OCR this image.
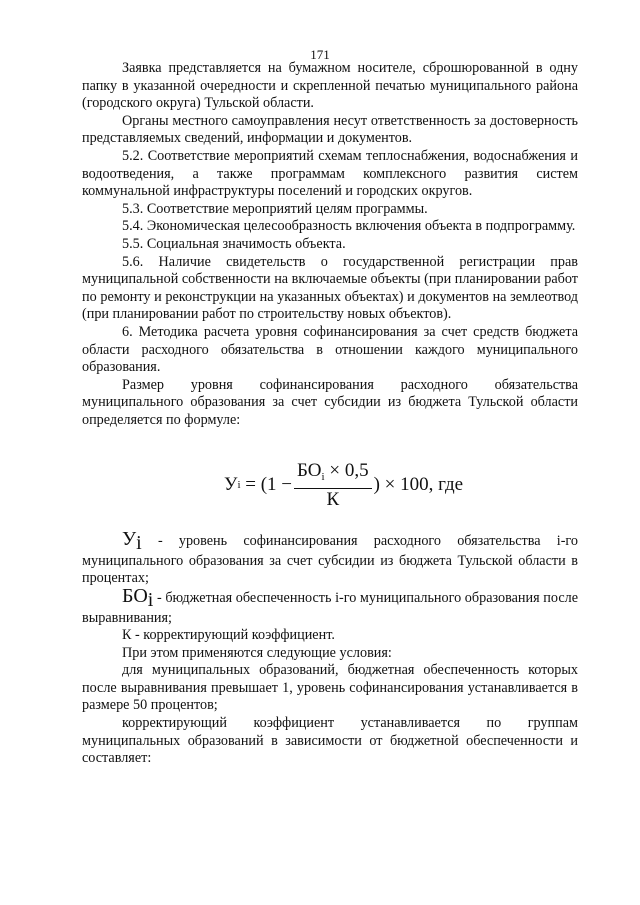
171

Заявка представляется на бумажном носителе, сброшюрованной в одну папку в указанной очередности и скрепленной печатью муниципального района (городского округа) Тульской области.

Органы местного самоуправления несут ответственность за достоверность представляемых сведений, информации и документов.

5.2. Соответствие мероприятий схемам теплоснабжения, водоснабжения и водоотведения, а также программам комплексного развития систем коммунальной инфраструктуры поселений и городских округов.

5.3. Соответствие мероприятий целям программы.

5.4. Экономическая целесообразность включения объекта в подпрограмму.

5.5. Социальная значимость объекта.

5.6. Наличие свидетельств о государственной регистрации прав муниципальной собственности на включаемые объекты (при планировании работ по ремонту и реконструкции на указанных объектах) и документов на землеотвод (при планировании работ по строительству новых объектов).

6. Методика расчета уровня софинансирования за счет средств бюджета области расходного обязательства в отношении каждого муниципального образования.

Размер уровня софинансирования расходного обязательства муниципального образования за счет субсидии из бюджета Тульской области определяется по формуле:

У i
= ($1 - \frac{БО_i \times 0,5}{К}$ ) × 100, где

$У_i$ - уровень софинансирования расходного обязательства i-го муниципального образования за счет субсидии из бюджета Тульской области в процентах;

$БО_i$ - бюджетная обеспеченность i-го муниципального образования после выравнивания;

К - корректирующий коэффициент.

При этом применяются следующие условия:

для муниципальных образований, бюджетная обеспеченность которых после выравнивания превышает 1, уровень софинансирования устанавливается в размере 50 процентов;

корректирующий коэффициент устанавливается по группам муниципальных образований в зависимости от бюджетной обеспеченности и составляет:
